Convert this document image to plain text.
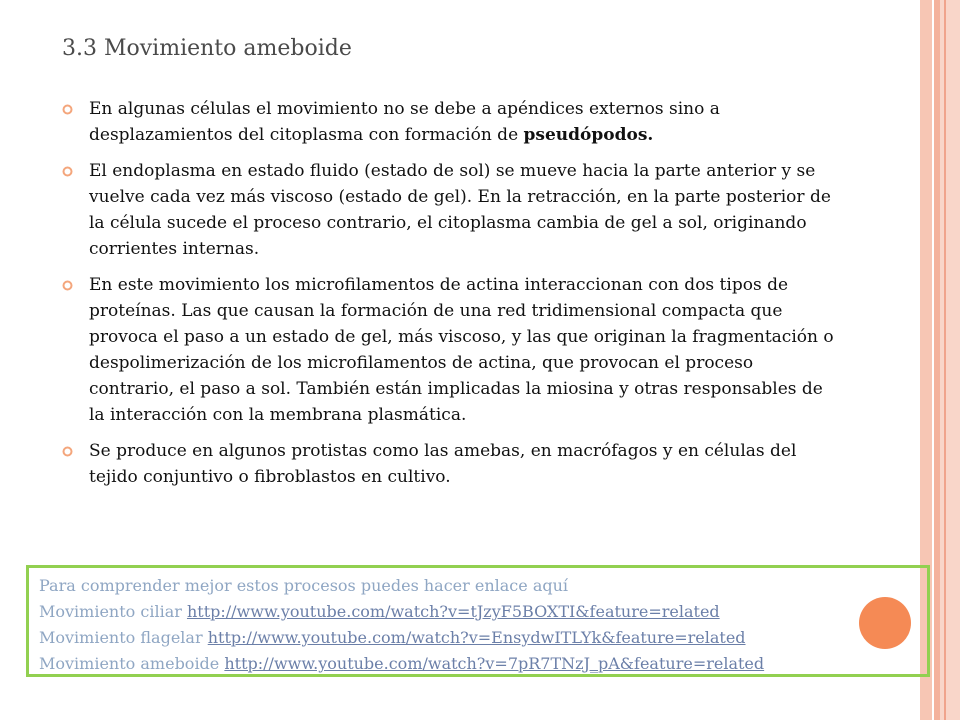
3.3 Movimiento ameboide
En algunas células el movimiento no se debe a apéndices externos sino a desplazamientos del citoplasma con formación de pseudópodos.
El endoplasma en estado fluido (estado de sol) se mueve hacia la parte anterior y se vuelve cada vez más viscoso (estado de gel). En la retracción, en la parte posterior de la célula sucede el proceso contrario, el citoplasma cambia de gel a sol, originando corrientes internas.
En este movimiento los microfilamentos de actina interaccionan con dos tipos de proteínas. Las que causan la formación de una red tridimensional compacta que provoca el paso a un estado de gel, más viscoso, y las que originan la fragmentación o despolimerización de los microfilamentos de actina, que provocan el proceso contrario, el paso a sol. También están implicadas la miosina y otras responsables de la interacción con la membrana plasmática.
Se produce en algunos protistas como las amebas, en macrófagos y en células del tejido conjuntivo o fibroblastos en cultivo.
Para comprender mejor estos procesos puedes hacer enlace aquí
Movimiento ciliar http://www.youtube.com/watch?v=tJzyF5BOXTI&feature=related
Movimiento flagelar http://www.youtube.com/watch?v=EnsydwITLYk&feature=related
Movimiento ameboide http://www.youtube.com/watch?v=7pR7TNzJ_pA&feature=related
